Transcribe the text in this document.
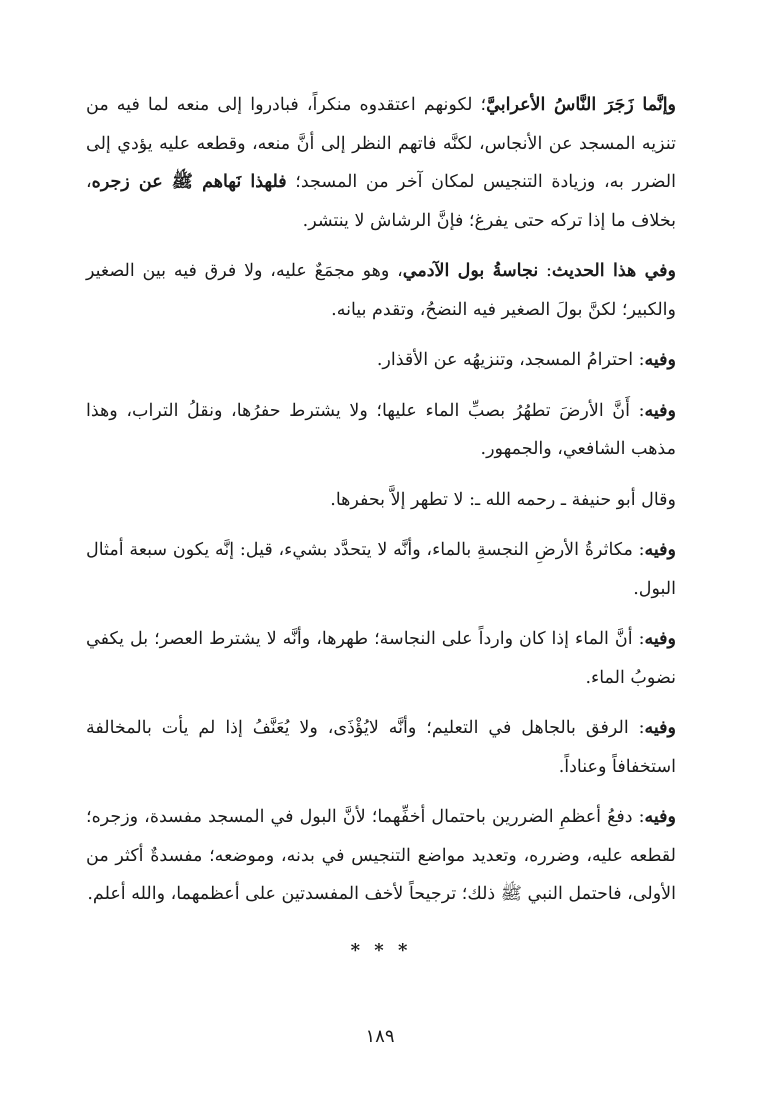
وإنَّما زَجَرَ النَّاسُ الأعرابيَّ؛ لكونهم اعتقدوه منكراً، فبادروا إلى منعه لما فيه من تنزيه المسجد عن الأنجاس، لكنَّه فاتهم النظر إلى أنَّ منعه، وقطعه عليه يؤدي إلى الضرر به، وزيادة التنجيس لمكان آخر من المسجد؛ فلهذا نَهاهم ﷺ عن زجره، بخلاف ما إذا تركه حتى يفرغ؛ فإنَّ الرشاش لا ينتشر.

وفي هذا الحديث: نجاسةُ بول الآدمي، وهو مجمَعٌ عليه، ولا فرق فيه بين الصغير والكبير؛ لكنَّ بولَ الصغير فيه النضحُ، وتقدم بيانه.

وفيه: احترامُ المسجد، وتنزيهُه عن الأقذار.

وفيه: أَنَّ الأرضَ تطهُرُ بصبِّ الماء عليها؛ ولا يشترط حفرُها، ونقلُ التراب، وهذا مذهب الشافعي، والجمهور.

وقال أبو حنيفة ـ رحمه الله ـ: لا تطهر إلاَّ بحفرها.

وفيه: مكاثرةُ الأرضِ النجسةِ بالماء، وأنَّه لا يتحدَّد بشيء، قيل: إنَّه يكون سبعة أمثال البول.

وفيه: أنَّ الماء إذا كان وارداً على النجاسة؛ طهرها، وأنَّه لا يشترط العصر؛ بل يكفي نضوبُ الماء.

وفيه: الرفق بالجاهل في التعليم؛ وأنَّه لايُؤْذَى، ولا يُعَنَّفُ إذا لم يأت بالمخالفة استخفافاً وعناداً.

وفيه: دفعُ أعظمِ الضررين باحتمال أخفِّهما؛ لأنَّ البول في المسجد مفسدة، وزجره؛ لقطعه عليه، وضرره، وتعديد مواضع التنجيس في بدنه، وموضعه؛ مفسدةٌ أكثر من الأولى، فاحتمل النبي ﷺ ذلك؛ ترجيحاً لأخف المفسدتين على أعظمهما، والله أعلم.

* * *
١٨٩
